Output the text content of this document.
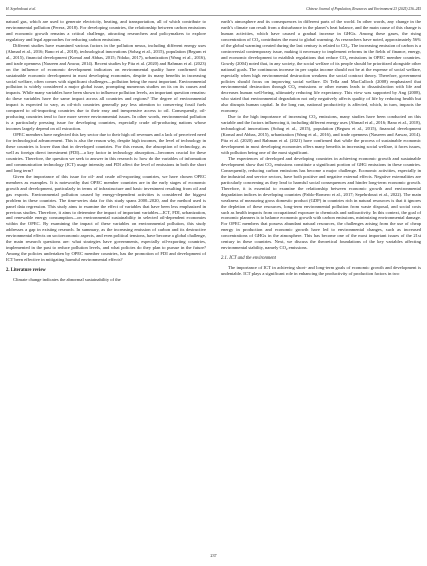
H. Sepehrdoust et al.	Chinese Journal of Population, Resources and Environment 23 (2025) 236–245

natural gas, which are used to generate electricity, heating, and transportation, all of which contribute to environmental pollution (Perera, 2018). For developing countries, the relationship between carbon emissions and economic growth remains a critical challenge, attracting researchers and policymakers to explore regulatory and legal approaches for reducing carbon emissions.

Different studies have examined various factors in the pollution nexus, including different energy uses (Ahmad et al., 2016; Bano et al., 2018), technological innovations (Sohag et al., 2015), population (Begum et al., 2015), financial development (Komal and Abbas, 2015; Ndako, 2017), urbanization (Wang et al., 2016), and trade openness (Nasreen and Anwar, 2014). Recent studies by Pita et al. (2020) and Rahman et al. (2023) on the influence of economic development indicators on environmental quality have confirmed that sustainable economic development in most developing economies, despite its many benefits in increasing social welfare, often comes with significant challenges—pollution being the most important. Environmental pollution is widely considered a major global issue, prompting numerous studies on its on its causes and impacts. While many variables have been shown to influence pollution levels, an important question remains: do these variables have the same impact across all countries and regions? The degree of environmental impact is expected to vary, as oil-rich countries generally pay less attention to conserving fossil fuels compared to oil-importing countries due to their easy and inexpensive access to oil. Consequently, oil-producing countries tend to face more severe environmental issues. In other words, environmental pollution is a particularly pressing issue for developing countries, especially crude oil-producing nations whose incomes largely depend on oil extraction.

OPEC members have neglected this key sector due to their high oil revenues and a lack of perceived need for technological advancement. This is also the reason why, despite high incomes, the level of technology in these countries is lower than that in developed countries. For this reason, the absorption of technology, as well as foreign direct investment (FDI)—a key factor in technology absorption—becomes crucial for these countries. Therefore, the question we seek to answer in this research is: how do the variables of information and communication technology (ICT) usage intensity and FDI affect the level of emissions in both the short and long term?

Given the importance of this issue for oil- and crude oil-exporting countries, we have chosen OPEC members as examples. It is noteworthy that OPEC member countries are in the early stages of economic growth and development, particularly in terms of infrastructure and basic investment resulting from oil and gas exports. Environmental pollution caused by energy-dependent activities is considered the biggest problem in these countries. The time-series data for this study spans 2000–2020, and the method used is panel data regression. This study aims to examine the effect of variables that have been less emphasized in previous studies. Therefore, it aims to determine the impact of important variables—ICT, FDI, urbanization, and renewable energy consumption—on environmental sustainability in selected oil-dependent economies within the OPEC. By examining the impact of these variables on environmental pollution, this study addresses a gap in existing research. In summary, as the increasing emission of carbon and its destructive environmental effects on socioeconomic aspects, and even political tensions, have become a global challenge, the main research questions are: what strategies have governments, especially oil-exporting countries, implemented in the past to reduce pollution levels, and what policies do they plan to pursue in the future? Among the policies undertaken by OPEC member countries, has the promotion of FDI and development of ICT been effective in mitigating harmful environmental effects?

2. Literature review

Climate change indicates the abnormal sustainability of the

earth’s atmosphere and its consequences in different parts of the world. In other words, any change in the earth’s climate can result from a disturbance in the planet’s heat balance, and the main cause of this change is human activities, which have caused a gradual increase in GHGs. Among these gases, the rising concentration of $CO_2$ contributes the most to global warming. As researchers have noted, approximately 56% of the global warming created during the last century is related to $CO_2$. The increasing emission of carbon is a controversial contemporary issue, making it necessary to implement reforms in the fields of finance, energy, and economic development to establish regulations that reduce $CO_2$ emissions in OPEC member countries. Gowdy (2004) noted that, in any society, the social welfare of its people should be prioritized alongside other national goals. The continuous increase in per capita income should not be at the expense of social welfare, especially when high environmental destruction weakens the social contract theory. Therefore, government policies should focus on improving social welfare. Di Tella and MacCulloch (2008) emphasized that environmental destruction through $CO_2$ emissions or other means leads to dissatisfaction with life and decreases human well-being, ultimately reducing life expectancy. This view was supported by Ang (2008), who stated that environmental degradation not only negatively affects quality of life by reducing health but also disrupts human capital. In the long run, national productivity is affected, which, in turn, impacts the economy.

Due to the high importance of increasing $CO_2$ emissions, many studies have been conducted on this variable and the factors influencing it, including different energy uses (Ahmad et al., 2016; Bano et al., 2018), technological innovations (Sohag et al., 2015), population (Begum et al., 2015), financial development (Komal and Abbas, 2015), urbanization (Wang et al., 2016), and trade openness (Nasreen and Anwar, 2014). Pita et al. (2020) and Rahman et al. (2021) have confirmed that while the process of sustainable economic development in most developing economies offers many benefits in increasing social welfare, it faces issues, with pollution being one of the most significant.

The experiences of developed and developing countries in achieving economic growth and sustainable development show that $CO_2$ emissions constitute a significant portion of GHG emissions in these countries. Consequently, reducing carbon emissions has become a major challenge. Economic activities, especially in the industrial and service sectors, have both positive and negative external effects. Negative externalities are particularly concerning as they lead to harmful social consequences and hinder long-term economic growth. Therefore, it is essential to examine the relationship between economic growth and environmental degradation indices in developing countries (Pablo-Romero et al., 2017; Sepehrdoust et al., 2022). The main weakness of measuring gross domestic product (GDP) in countries rich in natural resources is that it ignores the depletion of these resources, long-term environmental pollution from waste disposal, and social costs such as health impacts from occupational exposure to chemicals and radioactivity. In this context, the goal of economic planners is to balance economic growth with carbon emissions, minimizing environmental damage. For OPEC members that possess abundant natural resources, the challenges arising from the use of cheap energy in production and economic growth have led to environmental changes, such as increased concentrations of GHGs in the atmosphere. This has become one of the most important issues of the 21st century in these countries. Next, we discuss the theoretical foundations of the key variables affecting environmental stability, namely $CO_2$ emissions.

2.1. ICT and the environment

The importance of ICT in achieving short- and long-term goals of economic growth and development is undeniable. ICT plays a significant role in enhancing the productivity of production factors in two

237
